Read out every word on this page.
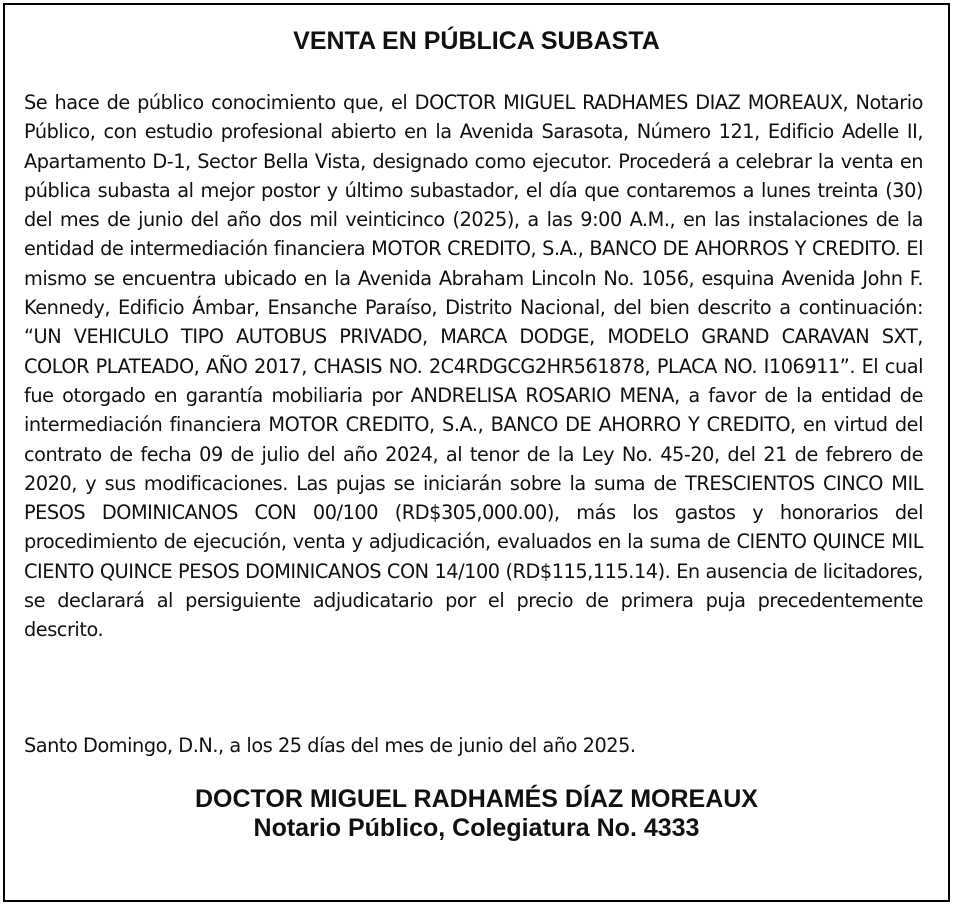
VENTA EN PÚBLICA SUBASTA

Se hace de público conocimiento que, el DOCTOR MIGUEL RADHAMES DIAZ MOREAUX, Notario Público, con estudio profesional abierto en la Avenida Sarasota, Número 121, Edificio Adelle II, Apartamento D-1, Sector Bella Vista, designado como ejecutor. Procederá a celebrar la venta en pública subasta al mejor postor y último subastador, el día que contaremos a lunes treinta (30) del mes de junio del año dos mil veinticinco (2025), a las 9:00 A.M., en las instalaciones de la entidad de intermediación financiera MOTOR CREDITO, S.A., BANCO DE AHORROS Y CREDITO. El mismo se encuentra ubicado en la Avenida Abraham Lincoln No. 1056, esquina Avenida John F. Kennedy, Edificio Ámbar, Ensanche Paraíso, Distrito Nacional, del bien descrito a continuación: “UN VEHICULO TIPO AUTOBUS PRIVADO, MARCA DODGE, MODELO GRAND CARAVAN SXT, COLOR PLATEADO, AÑO 2017, CHASIS NO. 2C4RDGCG2HR561878, PLACA NO. I106911”. El cual fue otorgado en garantía mobiliaria por ANDRELISA ROSARIO MENA, a favor de la entidad de intermediación financiera MOTOR CREDITO, S.A., BANCO DE AHORRO Y CREDITO, en virtud del contrato de fecha 09 de julio del año 2024, al tenor de la Ley No. 45-20, del 21 de febrero de 2020, y sus modificaciones. Las pujas se iniciarán sobre la suma de TRESCIENTOS CINCO MIL PESOS DOMINICANOS CON 00/100 (RD$305,000.00), más los gastos y honorarios del procedimiento de ejecución, venta y adjudicación, evaluados en la suma de CIENTO QUINCE MIL CIENTO QUINCE PESOS DOMINICANOS CON 14/100 (RD$115,115.14). En ausencia de licitadores, se declarará al persiguiente adjudicatario por el precio de primera puja precedentemente descrito.

Santo Domingo, D.N., a los 25 días del mes de junio del año 2025.

DOCTOR MIGUEL RADHAMÉS DÍAZ MOREAUX
Notario Público, Colegiatura No. 4333
